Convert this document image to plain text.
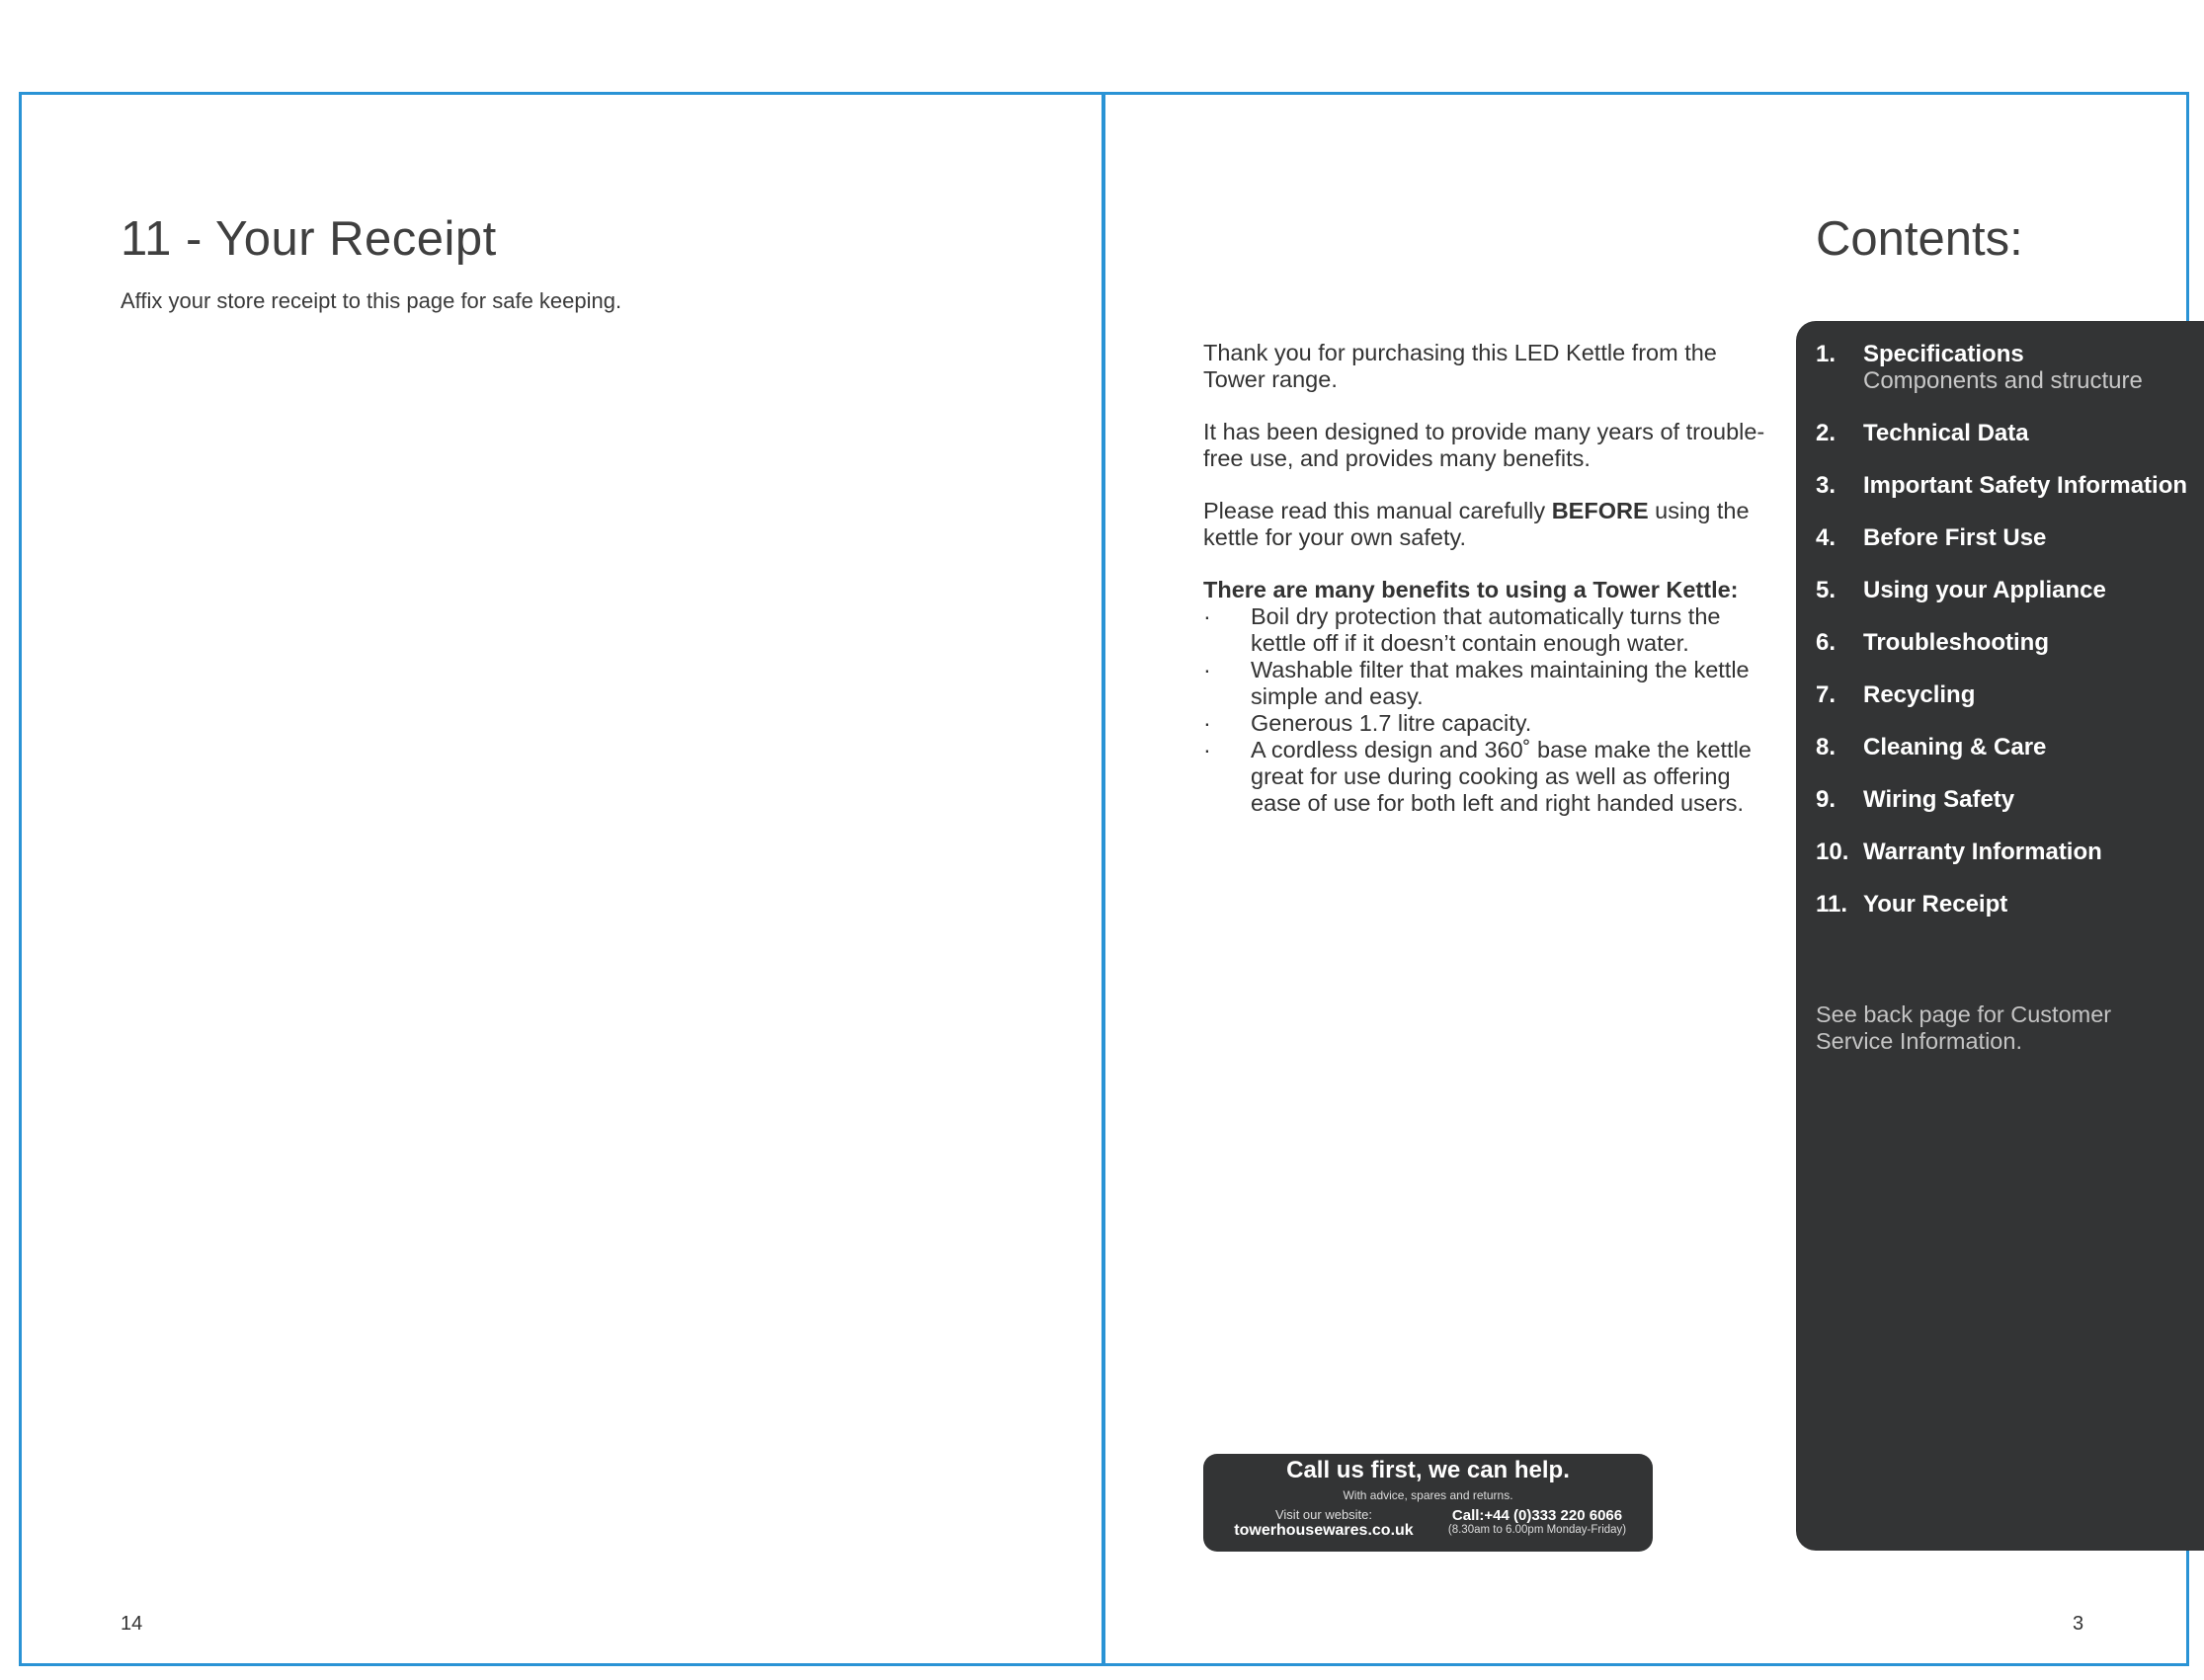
11 - Your Receipt

Affix your store receipt to this page for safe keeping.

14
Contents:

Thank you for purchasing this LED Kettle from the Tower range.

It has been designed to provide many years of trouble-free use, and provides many benefits.

Please read this manual carefully BEFORE using the kettle for your own safety.

There are many benefits to using a Tower Kettle:

· Boil dry protection that automatically turns the kettle off if it doesn’t contain enough water.
· Washable filter that makes maintaining the kettle simple and easy.
· Generous 1.7 litre capacity.
· A cordless design and 360˚ base make the kettle great for use during cooking as well as offering ease of use for both left and right handed users.
1. Specifications
Components and structure
2. Technical Data
3. Important Safety Information
4. Before First Use
5. Using your Appliance
6. Troubleshooting
7. Recycling
8. Cleaning & Care
9. Wiring Safety
10. Warranty Information
11. Your Receipt
See back page for Customer Service Information.
Call us first, we can help.
With advice, spares and returns.
Visit our website:
towerhousewares.co.uk
Call:+44 (0)333 220 6066
(8.30am to 6.00pm Monday-Friday)
3
